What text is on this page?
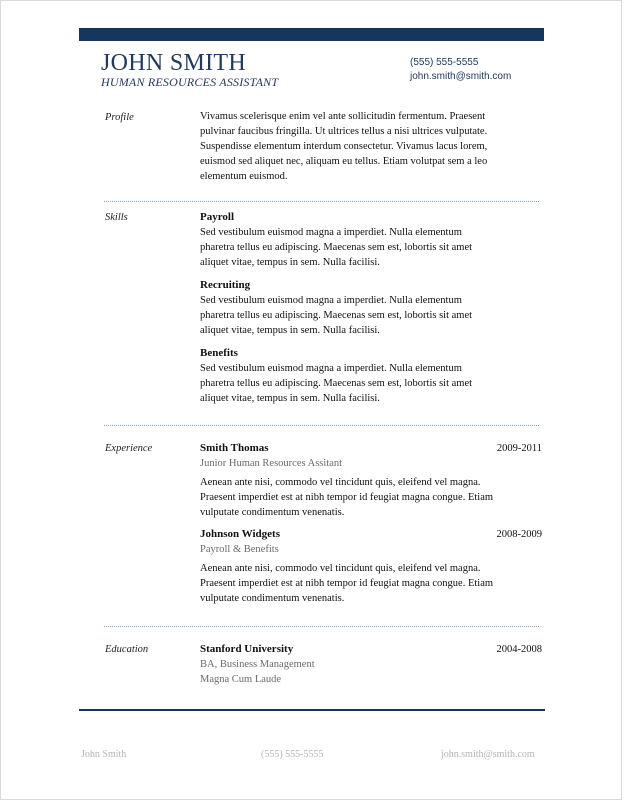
JOHN SMITH
HUMAN RESOURCES ASSISTANT
(555) 555-5555
john.smith@smith.com
Profile	Vivamus scelerisque enim vel ante sollicitudin fermentum. Praesent
pulvinar faucibus fringilla. Ut ultrices tellus a nisi ultrices vulputate.
Suspendisse elementum interdum consectetur. Vivamus lacus lorem,
euismod sed aliquet nec, aliquam eu tellus. Etiam volutpat sem a leo
elementum euismod.
Skills	Payroll
Sed vestibulum euismod magna a imperdiet. Nulla elementum
pharetra tellus eu adipiscing. Maecenas sem est, lobortis sit amet
aliquet vitae, tempus in sem. Nulla facilisi.
Recruiting
Sed vestibulum euismod magna a imperdiet. Nulla elementum
pharetra tellus eu adipiscing. Maecenas sem est, lobortis sit amet
aliquet vitae, tempus in sem. Nulla facilisi.
Benefits
Sed vestibulum euismod magna a imperdiet. Nulla elementum
pharetra tellus eu adipiscing. Maecenas sem est, lobortis sit amet
aliquet vitae, tempus in sem. Nulla facilisi.
Experience	Smith Thomas	2009-2011
Junior Human Resources Assitant
Aenean ante nisi, commodo vel tincidunt quis, eleifend vel magna.
Praesent imperdiet est at nibh tempor id feugiat magna congue. Etiam
vulputate condimentum venenatis.
Johnson Widgets	2008-2009
Payroll & Benefits
Aenean ante nisi, commodo vel tincidunt quis, eleifend vel magna.
Praesent imperdiet est at nibh tempor id feugiat magna congue. Etiam
vulputate condimentum venenatis.
Education	Stanford University	2004-2008
BA, Business Management
Magna Cum Laude
John Smith	(555) 555-5555	john.smith@smith.com
